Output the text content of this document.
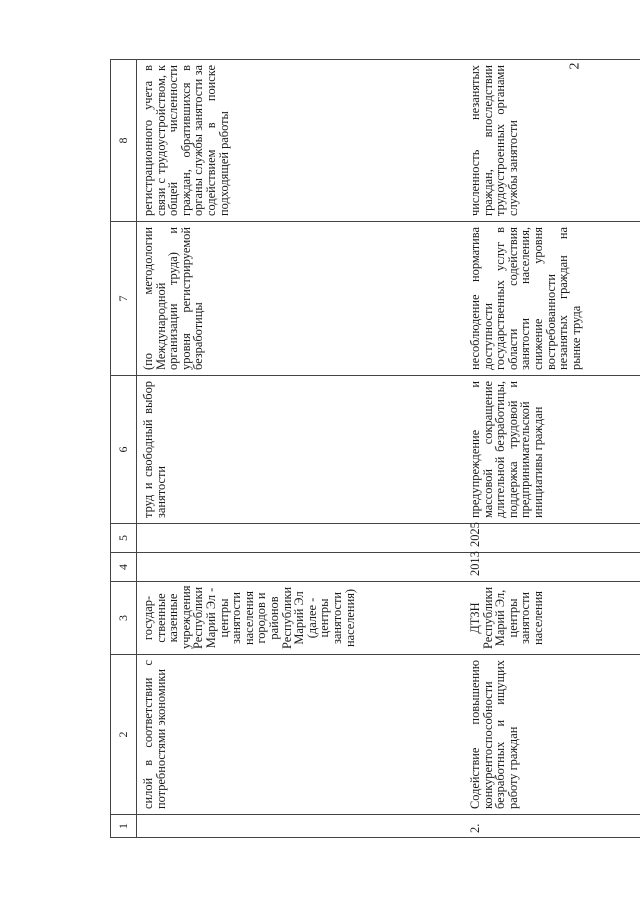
2
1	2	3	4	5	6	7	8
	силой в соответствии с потребностями экономики	государ-ственные казенные учреждения Республики Марий Эл - центры занятости населения городов и районов Республики Марий Эл (далее - центры занятости населения)			труд и свободный выбор занятости	(по методологии Международной организации труда) и уровня регистрируемой безработицы	регистрационного учета в связи с трудоустройством, к общей численности граждан, обратившихся в органы службы занятости за содействием в поиске подходящей работы
2.	Содействие повышению конкурентоспособности безработных и ищущих работу граждан	ДТЗН Республики Марий Эл, центры занятости населения	2013	2025	предупреждение и массовой сокращение длительной безработицы, поддержка трудовой и предпринимательской инициативы граждан	несоблюдение норматива доступности государственных услуг в области содействия занятости населения, снижение уровня востребованности незанятых граждан на рынке труда	численность незанятых граждан, впоследствии трудоустроенных органами службы занятости
